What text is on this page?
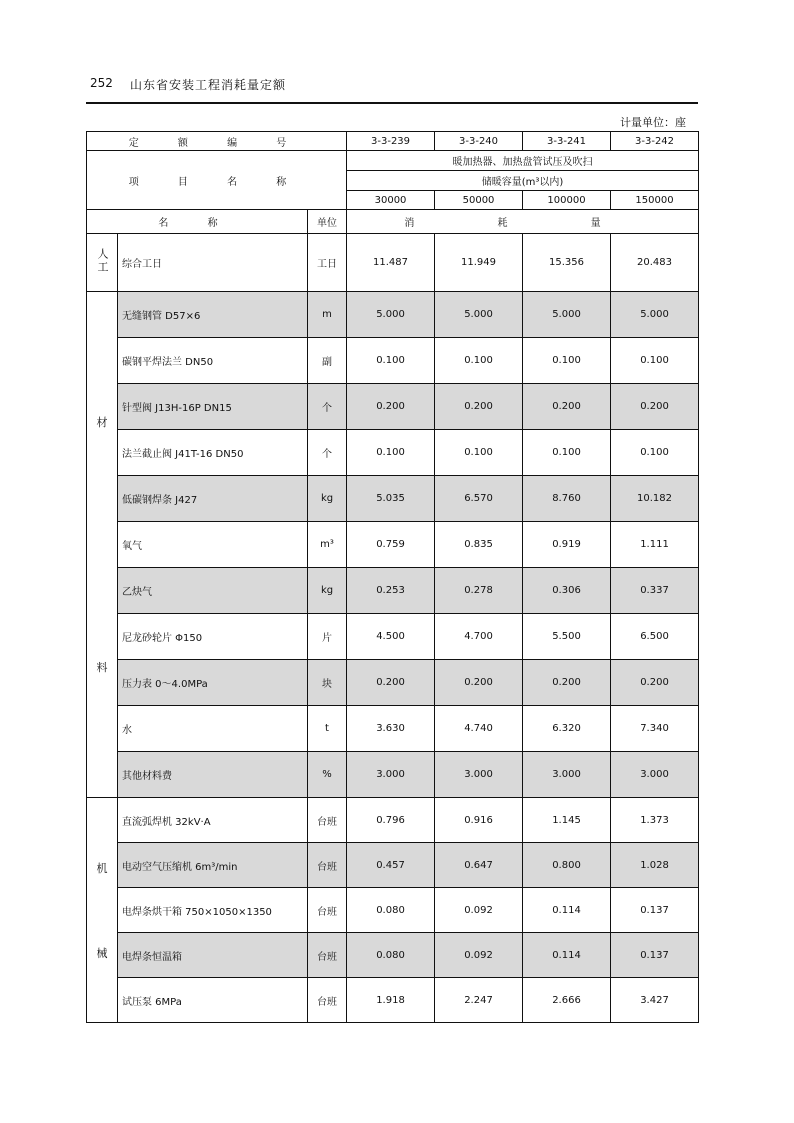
252 山东省安装工程消耗量定额
计量单位：座
定 额 编 号			3-3-239	3-3-240	3-3-241	3-3-242
项 目 名 称			暖加热器、加热盘管试压及吹扫			
			储暖容量(m³以内)			
			30000	50000	100000	150000
名 称		单位	消 耗 量			
人工	综合工日	工日	11.487	11.949	15.356	20.483

材
料	无缝钢管 D57×6	m	5.000	5.000	5.000	5.000
	碳钢平焊法兰 DN50	副	0.100	0.100	0.100	0.100
	针型阀 J13H-16P DN15	个	0.200	0.200	0.200	0.200
	法兰截止阀 J41T-16 DN50	个	0.100	0.100	0.100	0.100
	低碳钢焊条 J427	kg	5.035	6.570	8.760	10.182
	氧气	m³	0.759	0.835	0.919	1.111
	乙炔气	kg	0.253	0.278	0.306	0.337
	尼龙砂轮片 Φ150	片	4.500	4.700	5.500	6.500
	压力表 0～4.0MPa	块	0.200	0.200	0.200	0.200
	水	t	3.630	4.740	6.320	7.340
	其他材料费	%	3.000	3.000	3.000	3.000

机
械	直流弧焊机 32kV·A	台班	0.796	0.916	1.145	1.373
	电动空气压缩机 6m³/min	台班	0.457	0.647	0.800	1.028
	电焊条烘干箱 750×1050×1350	台班	0.080	0.092	0.114	0.137
	电焊条恒温箱	台班	0.080	0.092	0.114	0.137
	试压泵 6MPa	台班	1.918	2.247	2.666	3.427
